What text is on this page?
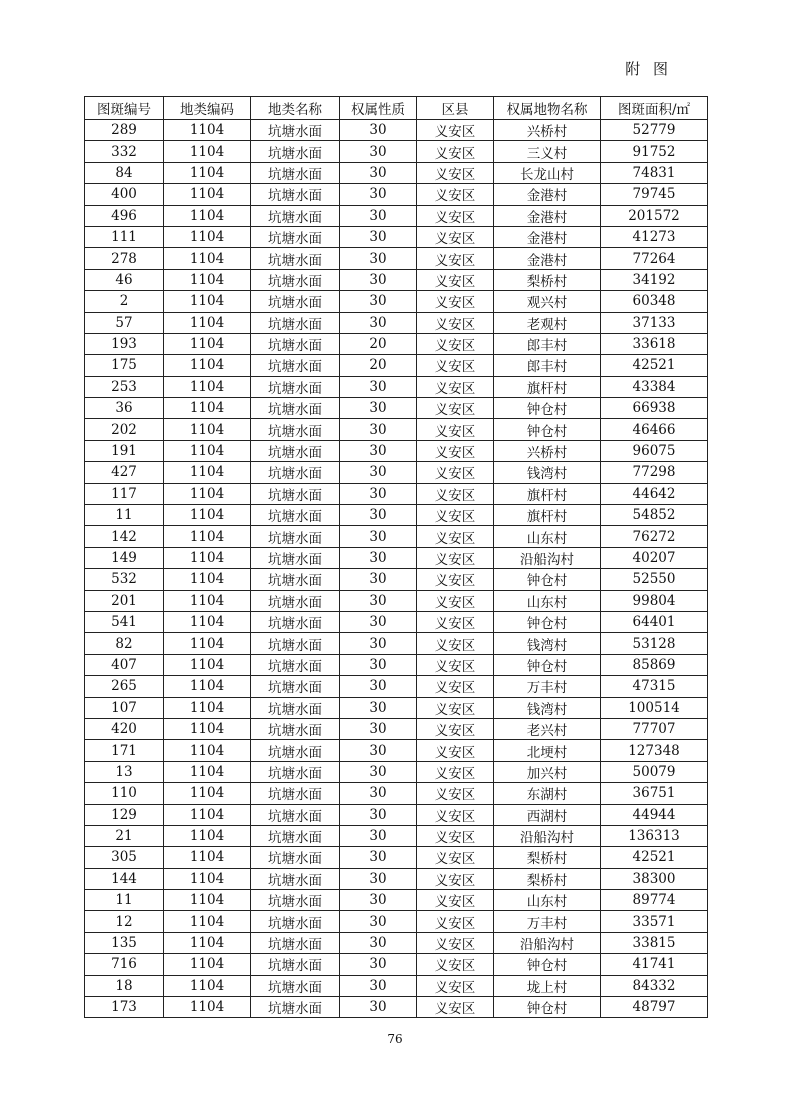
附 图
图斑编号	地类编码	地类名称	权属性质	区县	权属地物名称	图斑面积/㎡
289	1104	坑塘水面	30	义安区	兴桥村	52779
332	1104	坑塘水面	30	义安区	三义村	91752
84	1104	坑塘水面	30	义安区	长龙山村	74831
400	1104	坑塘水面	30	义安区	金港村	79745
496	1104	坑塘水面	30	义安区	金港村	201572
111	1104	坑塘水面	30	义安区	金港村	41273
278	1104	坑塘水面	30	义安区	金港村	77264
46	1104	坑塘水面	30	义安区	梨桥村	34192
2	1104	坑塘水面	30	义安区	观兴村	60348
57	1104	坑塘水面	30	义安区	老观村	37133
193	1104	坑塘水面	20	义安区	郎丰村	33618
175	1104	坑塘水面	20	义安区	郎丰村	42521
253	1104	坑塘水面	30	义安区	旗杆村	43384
36	1104	坑塘水面	30	义安区	钟仓村	66938
202	1104	坑塘水面	30	义安区	钟仓村	46466
191	1104	坑塘水面	30	义安区	兴桥村	96075
427	1104	坑塘水面	30	义安区	钱湾村	77298
117	1104	坑塘水面	30	义安区	旗杆村	44642
11	1104	坑塘水面	30	义安区	旗杆村	54852
142	1104	坑塘水面	30	义安区	山东村	76272
149	1104	坑塘水面	30	义安区	沿船沟村	40207
532	1104	坑塘水面	30	义安区	钟仓村	52550
201	1104	坑塘水面	30	义安区	山东村	99804
541	1104	坑塘水面	30	义安区	钟仓村	64401
82	1104	坑塘水面	30	义安区	钱湾村	53128
407	1104	坑塘水面	30	义安区	钟仓村	85869
265	1104	坑塘水面	30	义安区	万丰村	47315
107	1104	坑塘水面	30	义安区	钱湾村	100514
420	1104	坑塘水面	30	义安区	老兴村	77707
171	1104	坑塘水面	30	义安区	北埂村	127348
13	1104	坑塘水面	30	义安区	加兴村	50079
110	1104	坑塘水面	30	义安区	东湖村	36751
129	1104	坑塘水面	30	义安区	西湖村	44944
21	1104	坑塘水面	30	义安区	沿船沟村	136313
305	1104	坑塘水面	30	义安区	梨桥村	42521
144	1104	坑塘水面	30	义安区	梨桥村	38300
11	1104	坑塘水面	30	义安区	山东村	89774
12	1104	坑塘水面	30	义安区	万丰村	33571
135	1104	坑塘水面	30	义安区	沿船沟村	33815
716	1104	坑塘水面	30	义安区	钟仓村	41741
18	1104	坑塘水面	30	义安区	垅上村	84332
173	1104	坑塘水面	30	义安区	钟仓村	48797
76
